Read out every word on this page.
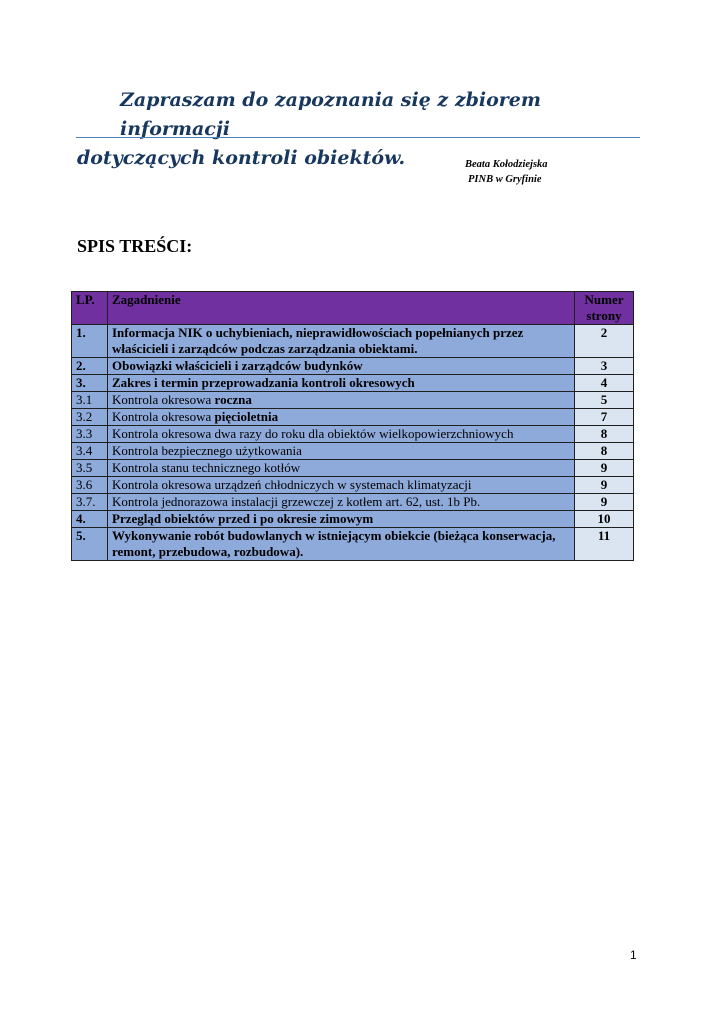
Zapraszam do zapoznania się z zbiorem informacji
dotyczących kontroli obiektów.	Beata Kołodziejska
PINB w Gryfinie
SPIS TREŚCI:
LP.	Zagadnienie	Numer strony
1.	Informacja NIK o uchybieniach, nieprawidłowościach popełnianych przez właścicieli i zarządców podczas zarządzania obiektami.	2
2.	Obowiązki właścicieli i zarządców budynków	3
3.	Zakres i termin przeprowadzania kontroli okresowych	4
3.1	Kontrola okresowa roczna	5
3.2	Kontrola okresowa pięcioletnia	7
3.3	Kontrola okresowa dwa razy do roku dla obiektów wielkopowierzchniowych	8
3.4	Kontrola bezpiecznego użytkowania	8
3.5	Kontrola stanu technicznego kotłów	9
3.6	Kontrola okresowa urządzeń chłodniczych w systemach klimatyzacji	9
3.7.	Kontrola jednorazowa instalacji grzewczej z kotłem art. 62, ust. 1b Pb.	9
4.	Przegląd obiektów przed i po okresie zimowym	10
5.	Wykonywanie robót budowlanych w istniejącym obiekcie (bieżąca konserwacja, remont, przebudowa, rozbudowa).	11
1
